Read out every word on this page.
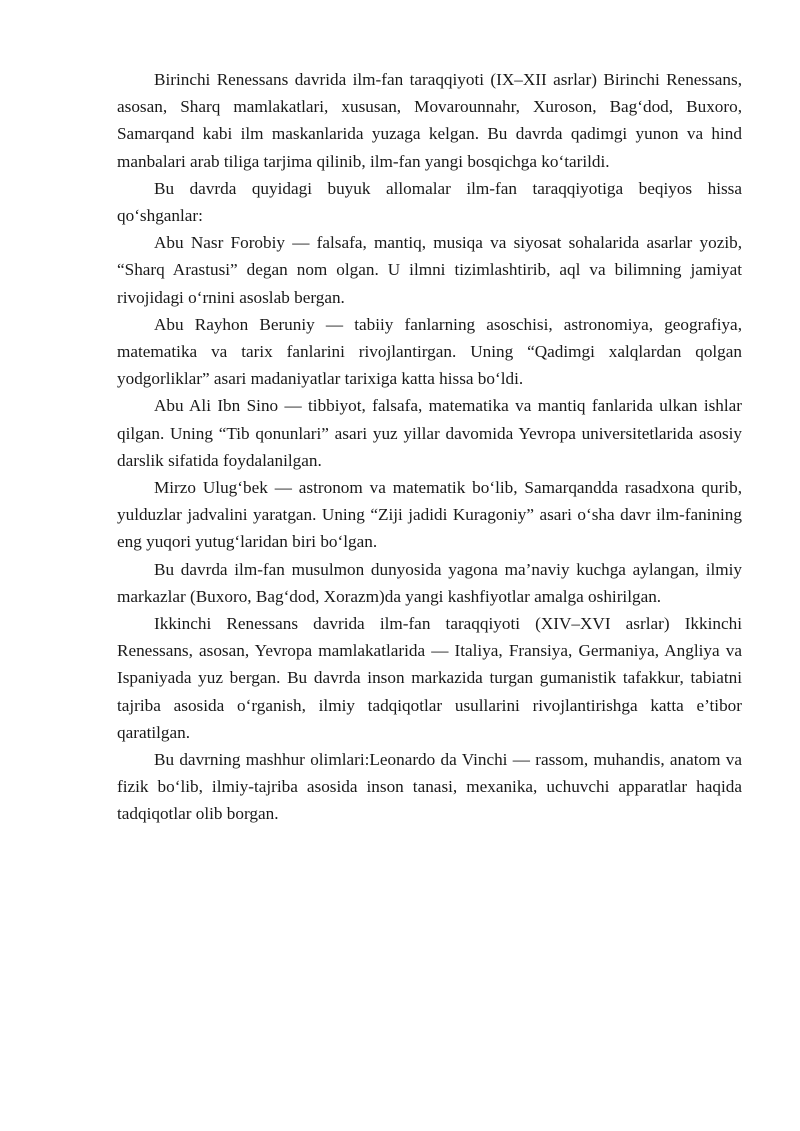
Birinchi Renessans davrida ilm-fan taraqqiyoti (IX–XII asrlar) Birinchi Renessans, asosan, Sharq mamlakatlari, xususan, Movarounnahr, Xuroson, Bag‘dod, Buxoro, Samarqand kabi ilm maskanlarida yuzaga kelgan. Bu davrda qadimgi yunon va hind manbalari arab tiliga tarjima qilinib, ilm-fan yangi bosqichga ko‘tarildi.

Bu davrda quyidagi buyuk allomalar ilm-fan taraqqiyotiga beqiyos hissa qo‘shganlar:

Abu Nasr Forobiy — falsafa, mantiq, musiqa va siyosat sohalarida asarlar yozib, “Sharq Arastusi” degan nom olgan. U ilmni tizimlashtirib, aql va bilimning jamiyat rivojidagi o‘rnini asoslab bergan.

Abu Rayhon Beruniy — tabiiy fanlarning asoschisi, astronomiya, geografiya, matematika va tarix fanlarini rivojlantirgan. Uning “Qadimgi xalqlardan qolgan yodgorliklar” asari madaniyatlar tarixiga katta hissa bo‘ldi.

Abu Ali Ibn Sino — tibbiyot, falsafa, matematika va mantiq fanlarida ulkan ishlar qilgan. Uning “Tib qonunlari” asari yuz yillar davomida Yevropa universitetlarida asosiy darslik sifatida foydalanilgan.

Mirzo Ulug‘bek — astronom va matematik bo‘lib, Samarqandda rasadxona qurib, yulduzlar jadvalini yaratgan. Uning “Ziji jadidi Kuragoniy” asari o‘sha davr ilm-fanining eng yuqori yutug‘laridan biri bo‘lgan.

Bu davrda ilm-fan musulmon dunyosida yagona ma’naviy kuchga aylangan, ilmiy markazlar (Buxoro, Bag‘dod, Xorazm)da yangi kashfiyotlar amalga oshirilgan.

Ikkinchi Renessans davrida ilm-fan taraqqiyoti (XIV–XVI asrlar) Ikkinchi Renessans, asosan, Yevropa mamlakatlarida — Italiya, Fransiya, Germaniya, Angliya va Ispaniyada yuz bergan. Bu davrda inson markazida turgan gumanistik tafakkur, tabiatni tajriba asosida o‘rganish, ilmiy tadqiqotlar usullarini rivojlantirishga katta e’tibor qaratilgan.

Bu davrning mashhur olimlari:Leonardo da Vinchi — rassom, muhandis, anatom va fizik bo‘lib, ilmiy-tajriba asosida inson tanasi, mexanika, uchuvchi apparatlar haqida tadqiqotlar olib borgan.
